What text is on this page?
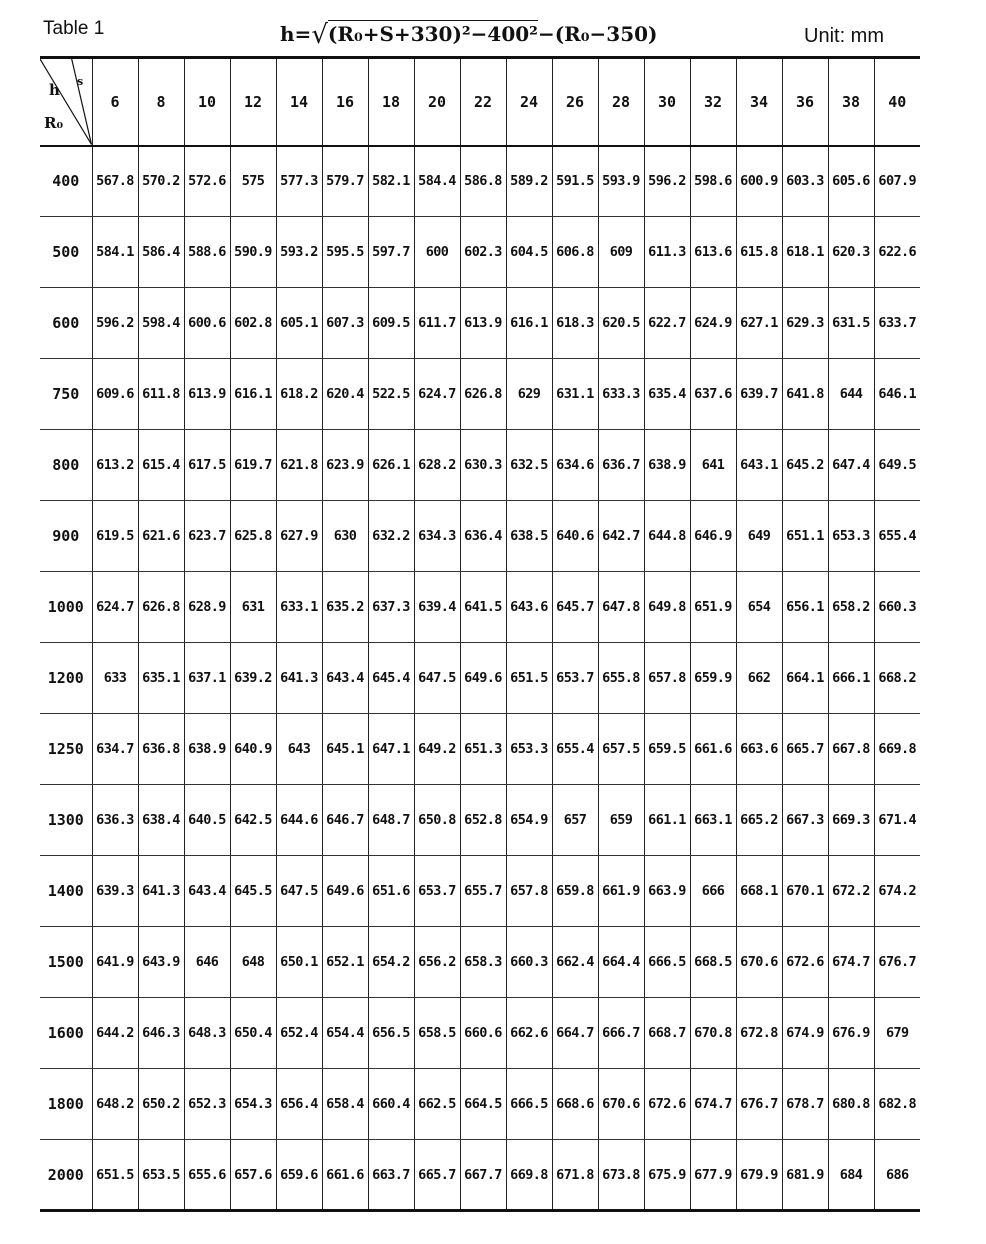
Table 1	h=√(R₀+S+330)²−400²−(R₀−350)	Unit: mm
h s
R₀	6	8	10	12	14	16	18	20	22	24	26	28	30	32	34	36	38	40
400	567.8	570.2	572.6	575	577.3	579.7	582.1	584.4	586.8	589.2	591.5	593.9	596.2	598.6	600.9	603.3	605.6	607.9
500	584.1	586.4	588.6	590.9	593.2	595.5	597.7	600	602.3	604.5	606.8	609	611.3	613.6	615.8	618.1	620.3	622.6
600	596.2	598.4	600.6	602.8	605.1	607.3	609.5	611.7	613.9	616.1	618.3	620.5	622.7	624.9	627.1	629.3	631.5	633.7
750	609.6	611.8	613.9	616.1	618.2	620.4	522.5	624.7	626.8	629	631.1	633.3	635.4	637.6	639.7	641.8	644	646.1
800	613.2	615.4	617.5	619.7	621.8	623.9	626.1	628.2	630.3	632.5	634.6	636.7	638.9	641	643.1	645.2	647.4	649.5
900	619.5	621.6	623.7	625.8	627.9	630	632.2	634.3	636.4	638.5	640.6	642.7	644.8	646.9	649	651.1	653.3	655.4
1000	624.7	626.8	628.9	631	633.1	635.2	637.3	639.4	641.5	643.6	645.7	647.8	649.8	651.9	654	656.1	658.2	660.3
1200	633	635.1	637.1	639.2	641.3	643.4	645.4	647.5	649.6	651.5	653.7	655.8	657.8	659.9	662	664.1	666.1	668.2
1250	634.7	636.8	638.9	640.9	643	645.1	647.1	649.2	651.3	653.3	655.4	657.5	659.5	661.6	663.6	665.7	667.8	669.8
1300	636.3	638.4	640.5	642.5	644.6	646.7	648.7	650.8	652.8	654.9	657	659	661.1	663.1	665.2	667.3	669.3	671.4
1400	639.3	641.3	643.4	645.5	647.5	649.6	651.6	653.7	655.7	657.8	659.8	661.9	663.9	666	668.1	670.1	672.2	674.2
1500	641.9	643.9	646	648	650.1	652.1	654.2	656.2	658.3	660.3	662.4	664.4	666.5	668.5	670.6	672.6	674.7	676.7
1600	644.2	646.3	648.3	650.4	652.4	654.4	656.5	658.5	660.6	662.6	664.7	666.7	668.7	670.8	672.8	674.9	676.9	679
1800	648.2	650.2	652.3	654.3	656.4	658.4	660.4	662.5	664.5	666.5	668.6	670.6	672.6	674.7	676.7	678.7	680.8	682.8
2000	651.5	653.5	655.6	657.6	659.6	661.6	663.7	665.7	667.7	669.8	671.8	673.8	675.9	677.9	679.9	681.9	684	686
